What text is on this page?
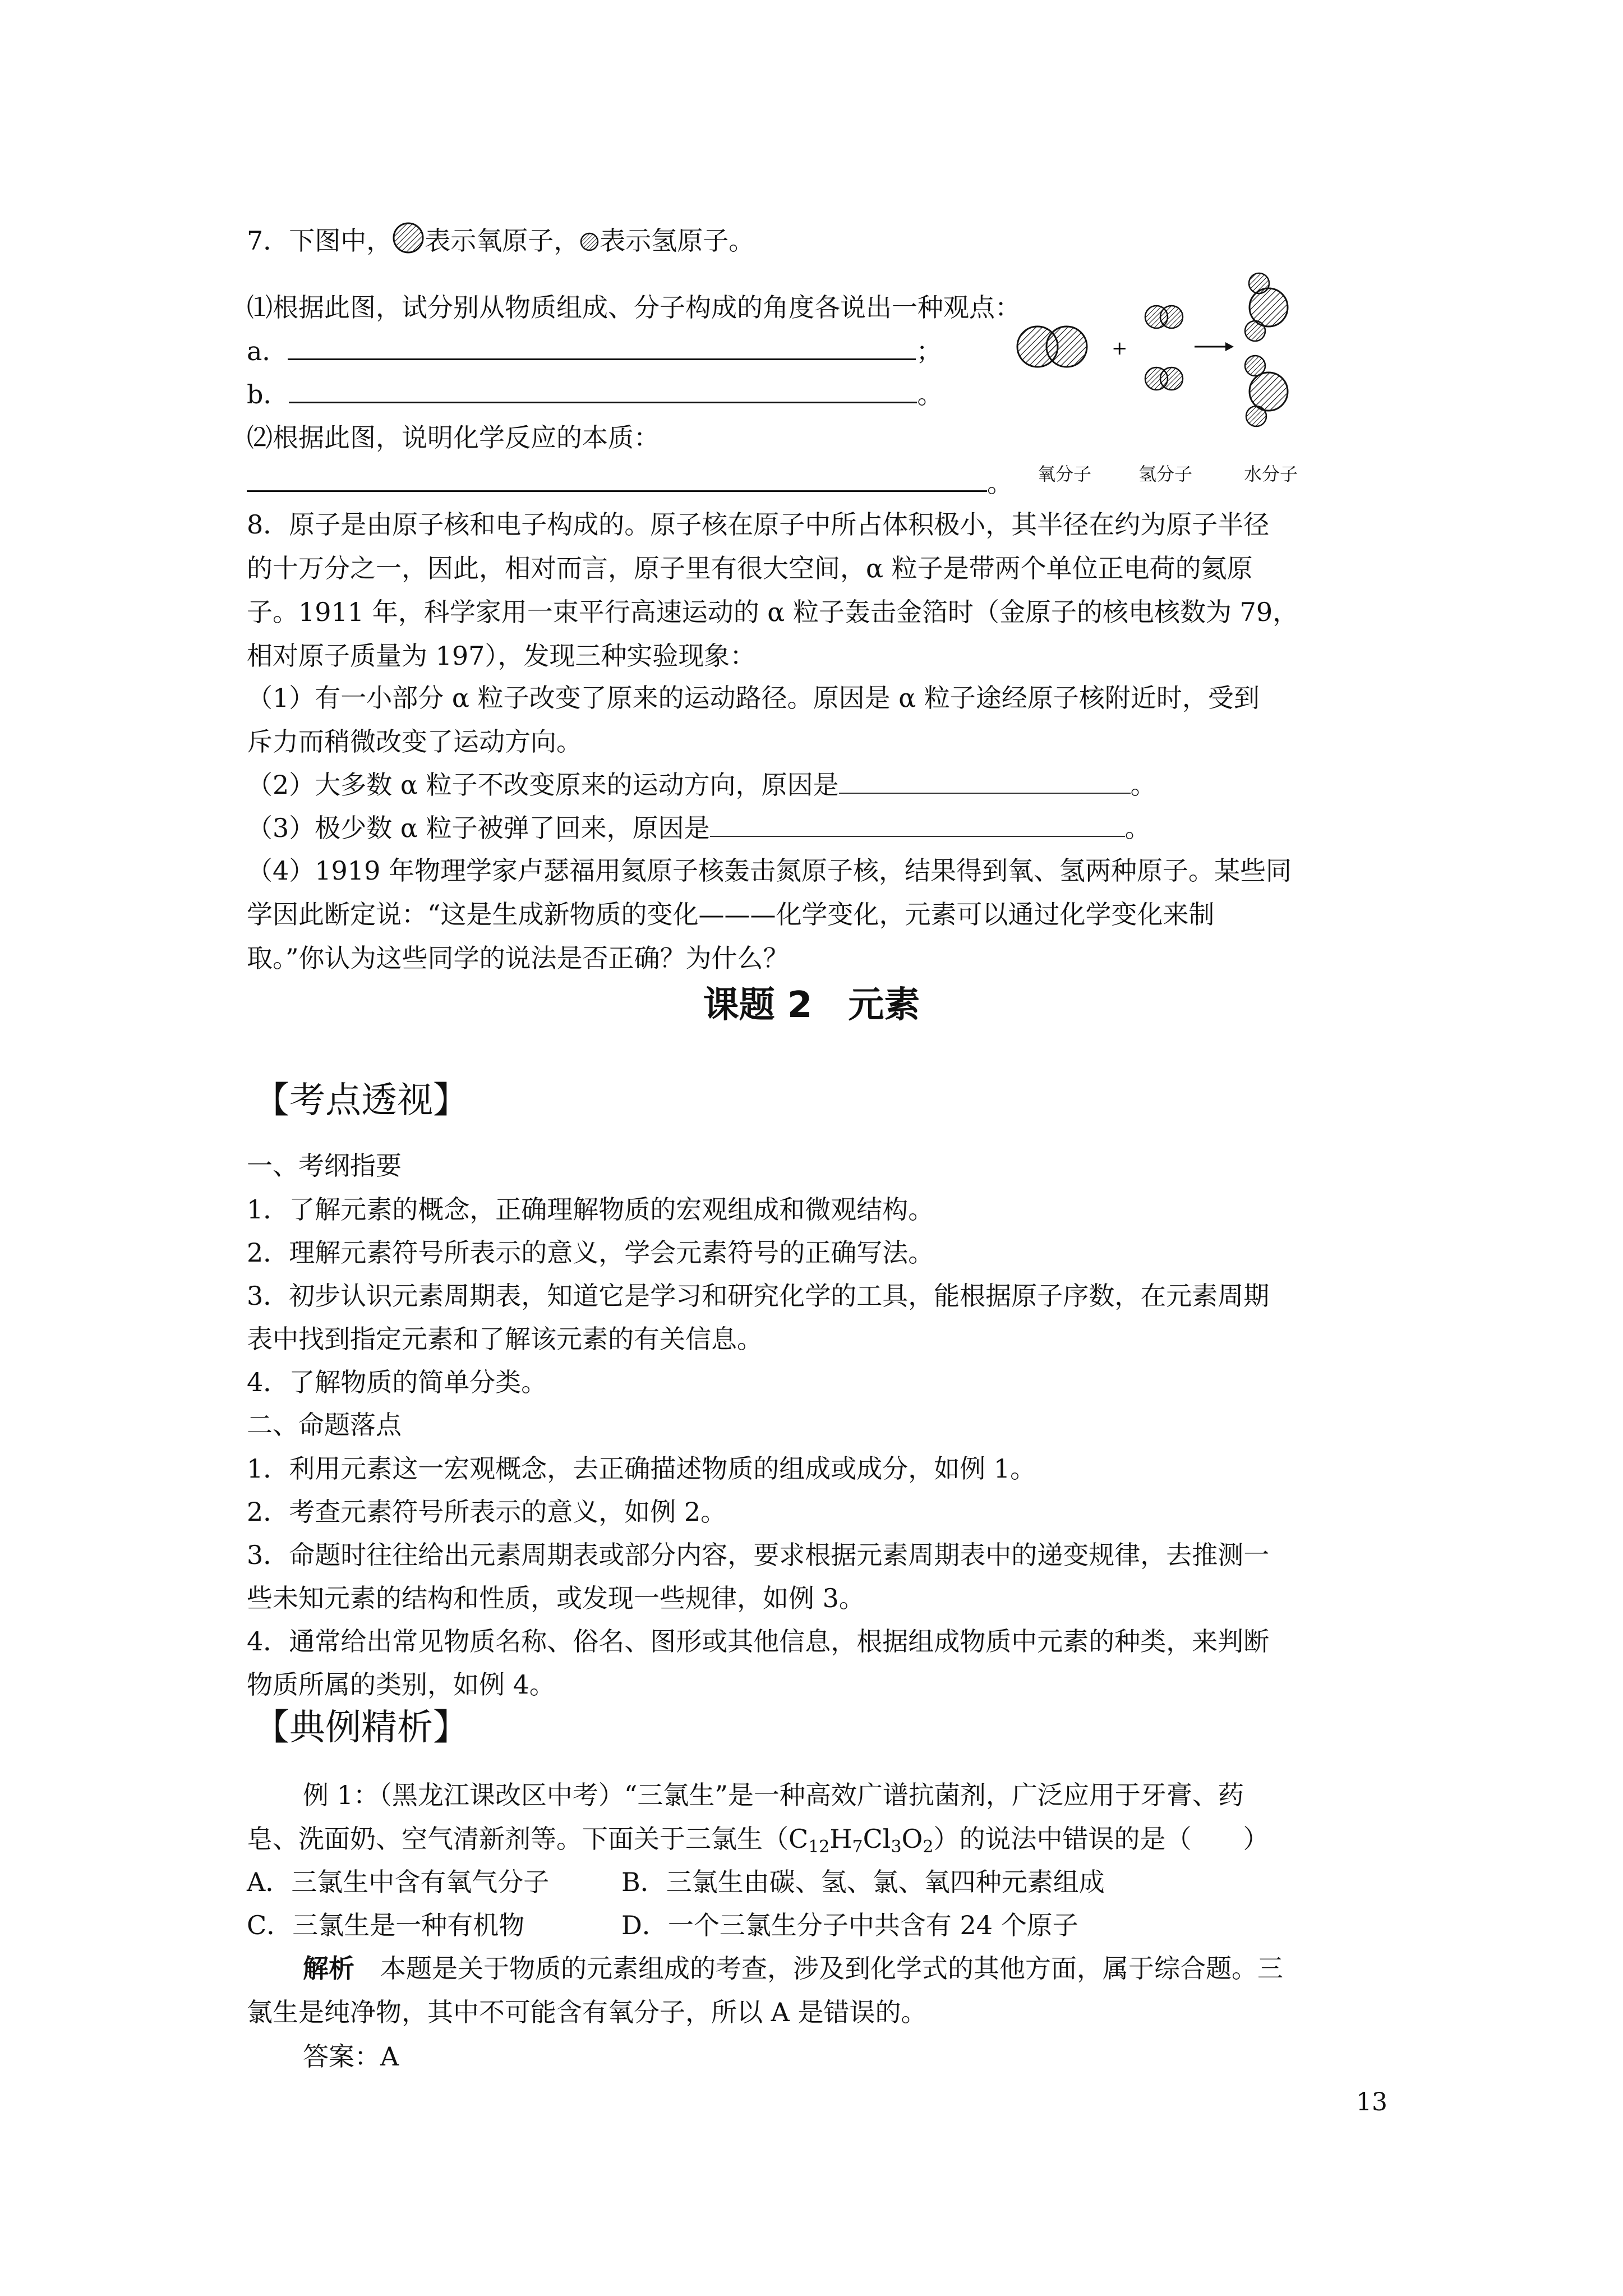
7．下图中， 表示氧原子， 表示氢原子。
⑴根据此图，试分别从物质组成、分子构成的角度各说出一种观点：
a．	；
b．	。
⑵根据此图，说明化学反应的本质：
。
+
氧分子	氢分子	水分子
8．原子是由原子核和电子构成的。原子核在原子中所占体积极小，其半径在约为原子半径
的十万分之一，因此，相对而言，原子里有很大空间，α 粒子是带两个单位正电荷的氦原
子。1911 年，科学家用一束平行高速运动的 α 粒子轰击金箔时（金原子的核电核数为 79，
相对原子质量为 197），发现三种实验现象：
（1）有一小部分 α 粒子改变了原来的运动路径。原因是 α 粒子途经原子核附近时，受到
斥力而稍微改变了运动方向。
（2）大多数 α 粒子不改变原来的运动方向，原因是	。
（3）极少数 α 粒子被弹了回来，原因是	。
（4）1919 年物理学家卢瑟福用氦原子核轰击氮原子核，结果得到氧、氢两种原子。某些同
学因此断定说：“这是生成新物质的变化———化学变化，元素可以通过化学变化来制
取。”你认为这些同学的说法是否正确？为什么？
课题 2　元素
【考点透视】
一、考纲指要
1．了解元素的概念，正确理解物质的宏观组成和微观结构。
2．理解元素符号所表示的意义，学会元素符号的正确写法。
3．初步认识元素周期表，知道它是学习和研究化学的工具，能根据原子序数，在元素周期
表中找到指定元素和了解该元素的有关信息。
4．了解物质的简单分类。
二、命题落点
1．利用元素这一宏观概念，去正确描述物质的组成或成分，如例 1。
2．考查元素符号所表示的意义，如例 2。
3．命题时往往给出元素周期表或部分内容，要求根据元素周期表中的递变规律，去推测一
些未知元素的结构和性质，或发现一些规律，如例 3。
4．通常给出常见物质名称、俗名、图形或其他信息，根据组成物质中元素的种类，来判断
物质所属的类别，如例 4。
【典例精析】
例 1：（黑龙江课改区中考）“三氯生”是一种高效广谱抗菌剂，广泛应用于牙膏、药
皂、洗面奶、空气清新剂等。下面关于三氯生$(C_{12}H_7Cl_3O_2)$的说法中错误的是（　　）
A．三氯生中含有氧气分子	B．三氯生由碳、氢、氯、氧四种元素组成
C．三氯生是一种有机物	D．一个三氯生分子中共含有 24 个原子
解析　本题是关于物质的元素组成的考查，涉及到化学式的其他方面，属于综合题。三
氯生是纯净物，其中不可能含有氧分子，所以 A 是错误的。
答案：A
13
